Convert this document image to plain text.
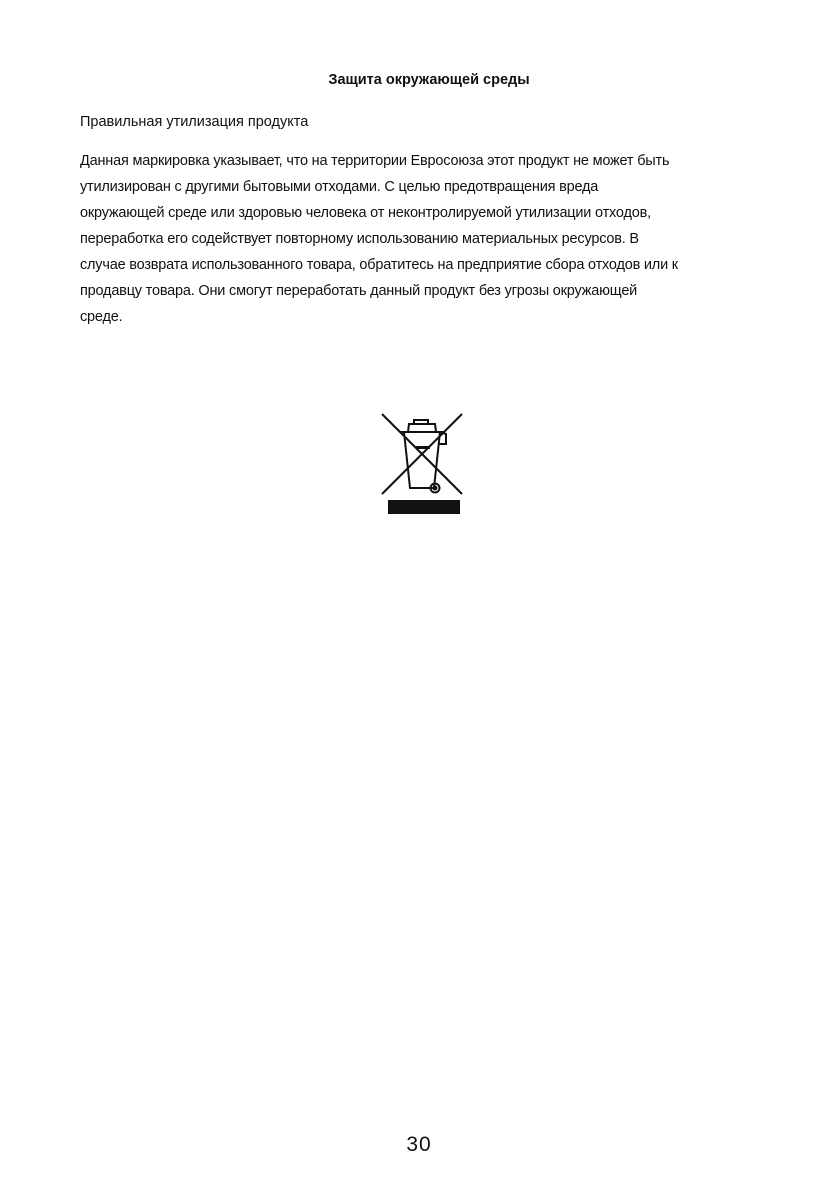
Защита окружающей среды
Правильная утилизация продукта
Данная маркировка указывает, что на территории Евросоюза этот продукт не может быть
утилизирован с другими бытовыми отходами. С целью предотвращения вреда
окружающей среде или здоровью человека от неконтролируемой утилизации отходов,
переработка его содействует повторному использованию материальных ресурсов. В
случае возврата использованного товара, обратитесь на предприятие сбора отходов или к
продавцу товара. Они смогут переработать данный продукт без угрозы окружающей
среде.
30
